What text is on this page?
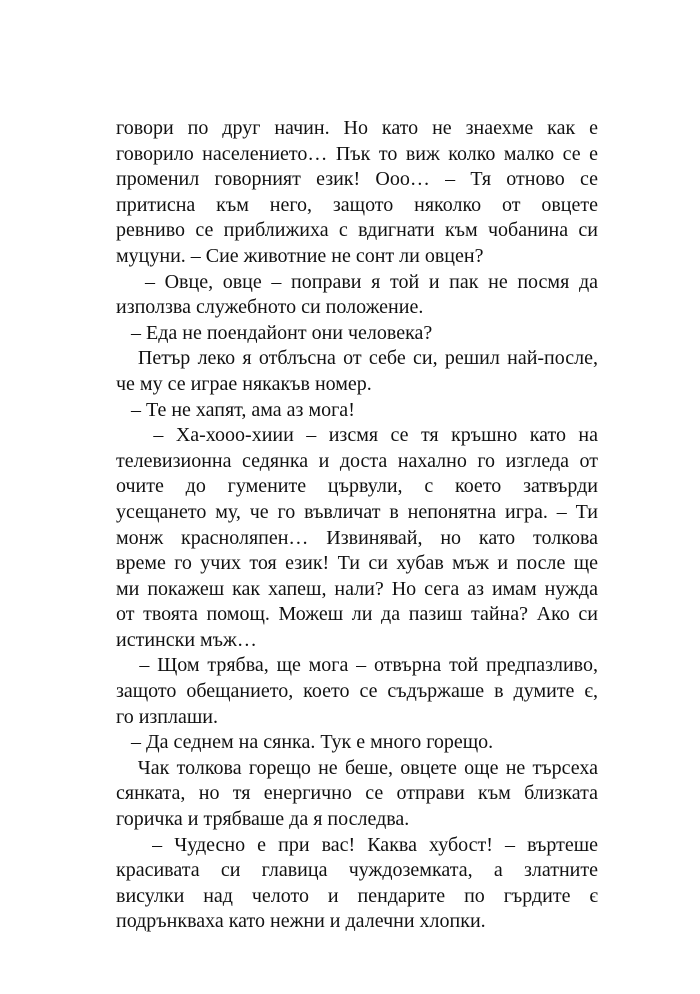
говори по друг начин. Но като не знаехме как е
говорило населението… Пък то виж колко малко се е
променил говорният език! Ооо… – Тя отново се
притисна към него, защото няколко от овцете
ревниво се приближиха с вдигнати към чобанина си
муцуни. – Сие животние не сонт ли овцен?
– Овце, овце – поправи я той и пак не посмя да
използва служебното си положение.
– Еда не поендайонт они человека?
Петър леко я отблъсна от себе си, решил най-после,
че му се играе някакъв номер.
– Те не хапят, ама аз мога!
– Ха-хооо-хиии – изсмя се тя кръшно като на
телевизионна седянка и доста нахално го изгледа от
очите до гумените цървули, с което затвърди
усещането му, че го въвличат в непонятна игра. – Ти
монж красноляпен… Извинявай, но като толкова
време го учих тоя език! Ти си хубав мъж и после ще
ми покажеш как хапеш, нали? Но сега аз имам нужда
от твоята помощ. Можеш ли да пазиш тайна? Ако си
истински мъж…
– Щом трябва, ще мога – отвърна той предпазливо,
защото обещанието, което се съдържаше в думите є,
го изплаши.
– Да седнем на сянка. Тук е много горещо.
Чак толкова горещо не беше, овцете още не търсеха
сянката, но тя енергично се отправи към близката
горичка и трябваше да я последва.
– Чудесно е при вас! Каква хубост! – въртеше
красивата си главица чуждоземката, а златните
висулки над челото и пендарите по гърдите є
подрънкваха като нежни и далечни хлопки.
